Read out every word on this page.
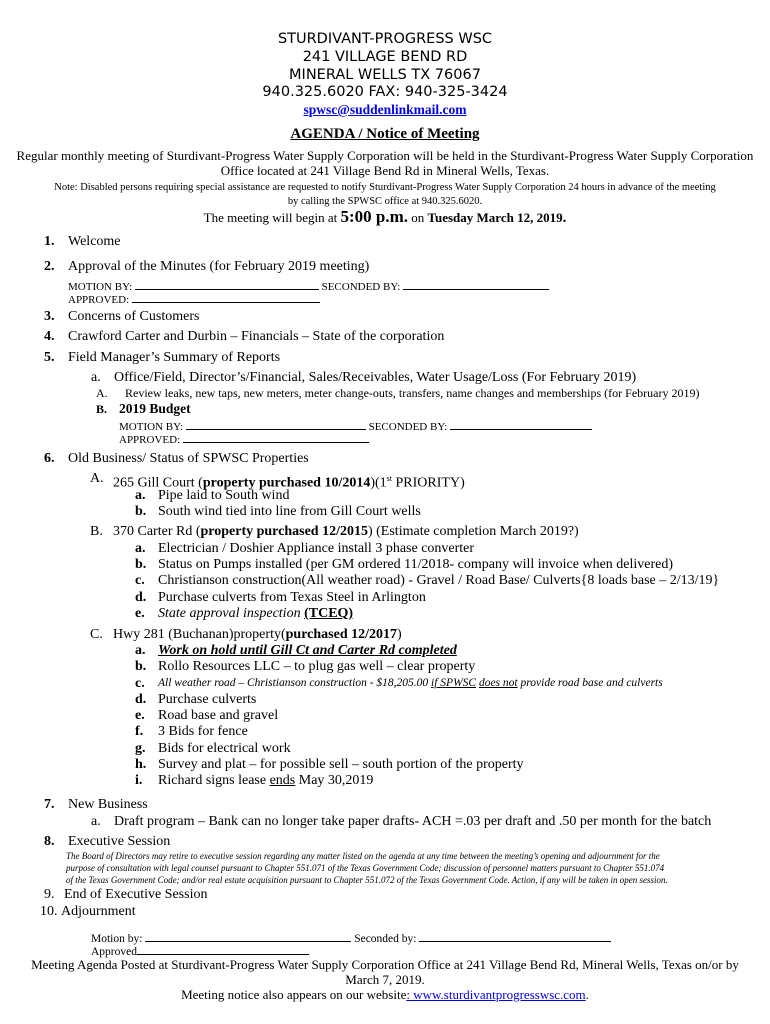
STURDIVANT-PROGRESS WSC
241 VILLAGE BEND RD
MINERAL WELLS TX 76067
940.325.6020 FAX: 940-325-3424
spwsc@suddenlinkmail.com
AGENDA / Notice of Meeting
Regular monthly meeting of Sturdivant-Progress Water Supply Corporation will be held in the Sturdivant-Progress Water Supply Corporation
Office located at 241 Village Bend Rd in Mineral Wells, Texas.
Note: Disabled persons requiring special assistance are requested to notify Sturdivant-Progress Water Supply Corporation 24 hours in advance of the meeting
by calling the SPWSC office at 940.325.6020.
The meeting will begin at 5:00 p.m. on Tuesday March 12, 2019.
1. Welcome
2. Approval of the Minutes (for February 2019 meeting)
MOTION BY:	SECONDED BY:
APPROVED:
3. Concerns of Customers
4. Crawford Carter and Durbin – Financials – State of the corporation
5. Field Manager’s Summary of Reports
a. Office/Field, Director’s/Financial, Sales/Receivables, Water Usage/Loss (For February 2019)
A. Review leaks, new taps, new meters, meter change-outs, transfers, name changes and memberships (for February 2019)
B. 2019 Budget
MOTION BY:	SECONDED BY:
APPROVED:
6. Old Business/ Status of SPWSC Properties
A. 265 Gill Court (property purchased 10/2014)(1st PRIORITY)
a. Pipe laid to South wind
b. South wind tied into line from Gill Court wells
B. 370 Carter Rd (property purchased 12/2015) (Estimate completion March 2019?)
a. Electrician / Doshier Appliance install 3 phase converter
b. Status on Pumps installed (per GM ordered 11/2018- company will invoice when delivered)
c. Christianson construction(All weather road) - Gravel / Road Base/ Culverts{8 loads base – 2/13/19}
d. Purchase culverts from Texas Steel in Arlington
e. State approval inspection (TCEQ)
C. Hwy 281 (Buchanan)property(purchased 12/2017)
a. Work on hold until Gill Ct and Carter Rd completed
b. Rollo Resources LLC – to plug gas well – clear property
c. All weather road – Christianson construction - $18,205.00 if SPWSC does not provide road base and culverts
d. Purchase culverts
e. Road base and gravel
f. 3 Bids for fence
g. Bids for electrical work
h. Survey and plat – for possible sell – south portion of the property
i. Richard signs lease ends May 30,2019
7. New Business
a. Draft program – Bank can no longer take paper drafts- ACH =.03 per draft and .50 per month for the batch
8. Executive Session
The Board of Directors may retire to executive session regarding any matter listed on the agenda at any time between the meeting’s opening and adjournment for the
purpose of consultation with legal counsel pursuant to Chapter 551.071 of the Texas Government Code; discussion of personnel matters pursuant to Chapter 551.074
of the Texas Government Code; and/or real estate acquisition pursuant to Chapter 551.072 of the Texas Government Code. Action, if any will be taken in open session.
9. End of Executive Session
10. Adjournment
Motion by:	Seconded by:
Approved
Meeting Agenda Posted at Sturdivant-Progress Water Supply Corporation Office at 241 Village Bend Rd, Mineral Wells, Texas on/or by
March 7, 2019.
Meeting notice also appears on our website: www.sturdivantprogresswsc.com.
